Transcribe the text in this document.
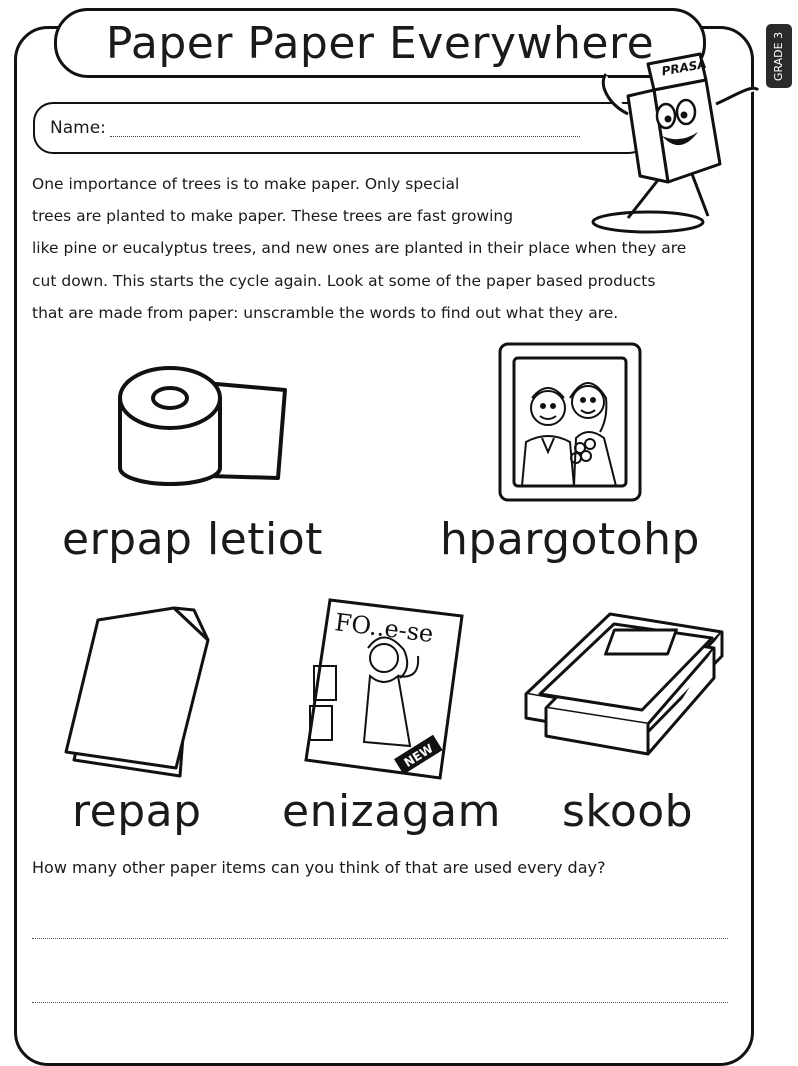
Paper Paper Everywhere	GRADE 3
Name:
PRASA
One importance of trees is to make paper. Only special
trees are planted to make paper. These trees are fast growing
like pine or eucalyptus trees, and new ones are planted in their place when they are
cut down. This starts the cycle again. Look at some of the paper based products
that are made from paper: unscramble the words to find out what they are.
erpap letiot	hpargotohp
FO..e-se
NEW
repap enizagam skoob
How many other paper items can you think of that are used every day?
